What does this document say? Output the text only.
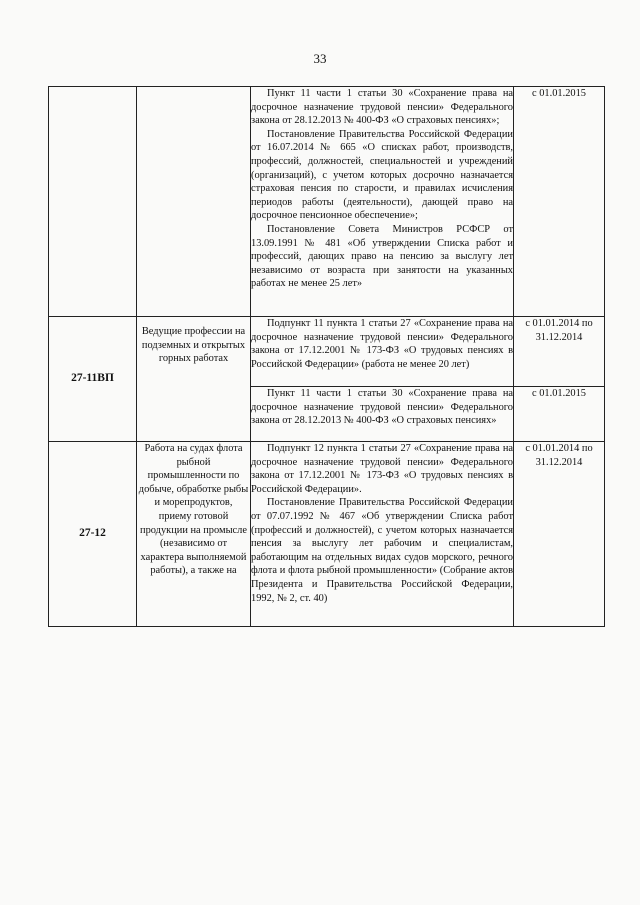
33

		Пункт 11 части 1 статьи 30 «Сохранение права на досрочное назначение трудовой пенсии» Федерального закона от 28.12.2013 № 400-ФЗ «О страховых пенсиях»;

Постановление Правительства Российской Федерации от 16.07.2014 № 665 «О списках работ, производств, профессий, должностей, специальностей и учреждений (организаций), с учетом которых досрочно назначается страховая пенсия по старости, и правилах исчисления периодов работы (деятельности), дающей право на досрочное пенсионное обеспечение»;

Постановление Совета Министров РСФСР от 13.09.1991 № 481 «Об утверждении Списка работ и профессий, дающих право на пенсию за выслугу лет независимо от возраста при занятости на указанных работах не менее 25 лет»	с 01.01.2015
27-11ВП	Ведущие профессии на подземных и открытых горных работах	Подпункт 11 пункта 1 статьи 27 «Сохранение права на досрочное назначение трудовой пенсии» Федерального закона от 17.12.2001 № 173-ФЗ «О трудовых пенсиях в Российской Федерации» (работа не менее 20 лет)	с 01.01.2014 по 31.12.2014

		Пункт 11 части 1 статьи 30 «Сохранение права на досрочное назначение трудовой пенсии» Федерального закона от 28.12.2013 № 400-ФЗ «О страховых пенсиях»	с 01.01.2015
27-12	Работа на судах флота рыбной промышленности по добыче, обработке рыбы и морепродуктов, приему готовой продукции на промысле (независимо от характера выполняемой работы), а также на	Подпункт 12 пункта 1 статьи 27 «Сохранение права на досрочное назначение трудовой пенсии» Федерального закона от 17.12.2001 № 173-ФЗ «О трудовых пенсиях в Российской Федерации».

Постановление Правительства Российской Федерации от 07.07.1992 № 467 «Об утверждении Списка работ (профессий и должностей), с учетом которых назначается пенсия за выслугу лет рабочим и специалистам, работающим на отдельных видах судов морского, речного флота и флота рыбной промышленности» (Собрание актов Президента и Правительства Российской Федерации, 1992, № 2, ст. 40)	с 01.01.2014 по 31.12.2014
